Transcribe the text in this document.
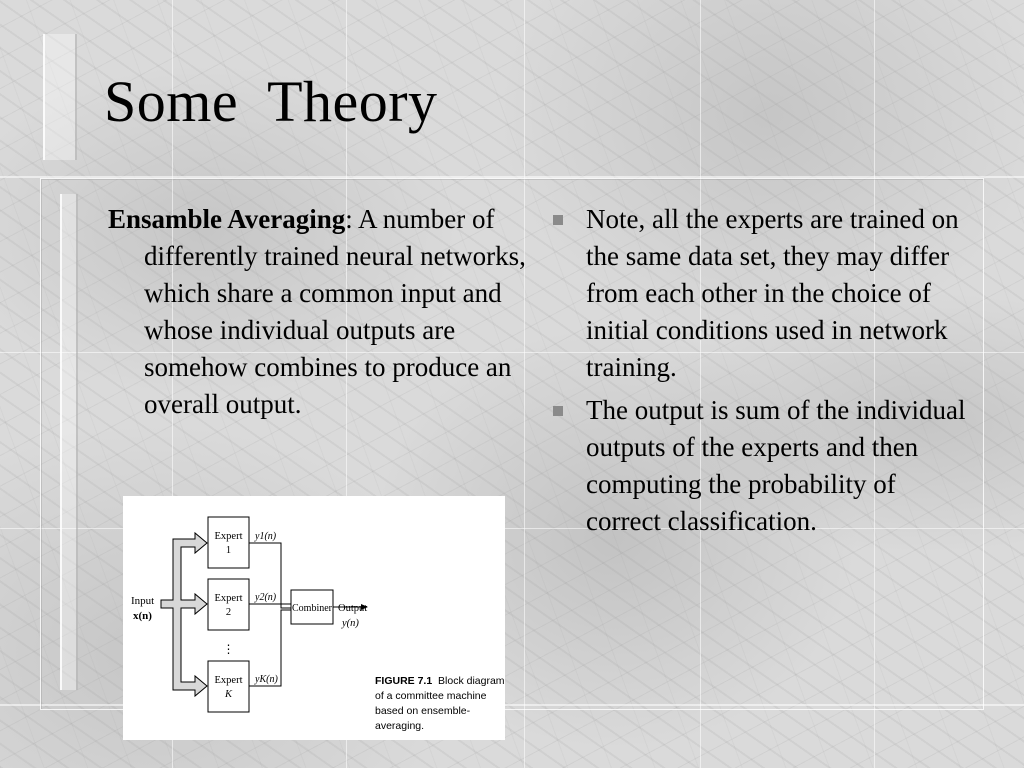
Some  Theory
Ensamble Averaging: A number of differently trained neural networks, which share a common input and whose individual outputs are somehow combines to produce an overall output.
Note, all the experts are trained on the same data set, they may differ from each other in the choice of initial conditions used in network training.
The output is sum of the individual outputs of the experts and then computing the probability of correct classification.
Input
x(n)
Expert
1
Expert
2
⋮
Expert
K
y1(n)
y2(n)
yK(n)
Combiner Output
y(n)
FIGURE 7.1 Block diagram of a committee machine based on ensemble-averaging.
